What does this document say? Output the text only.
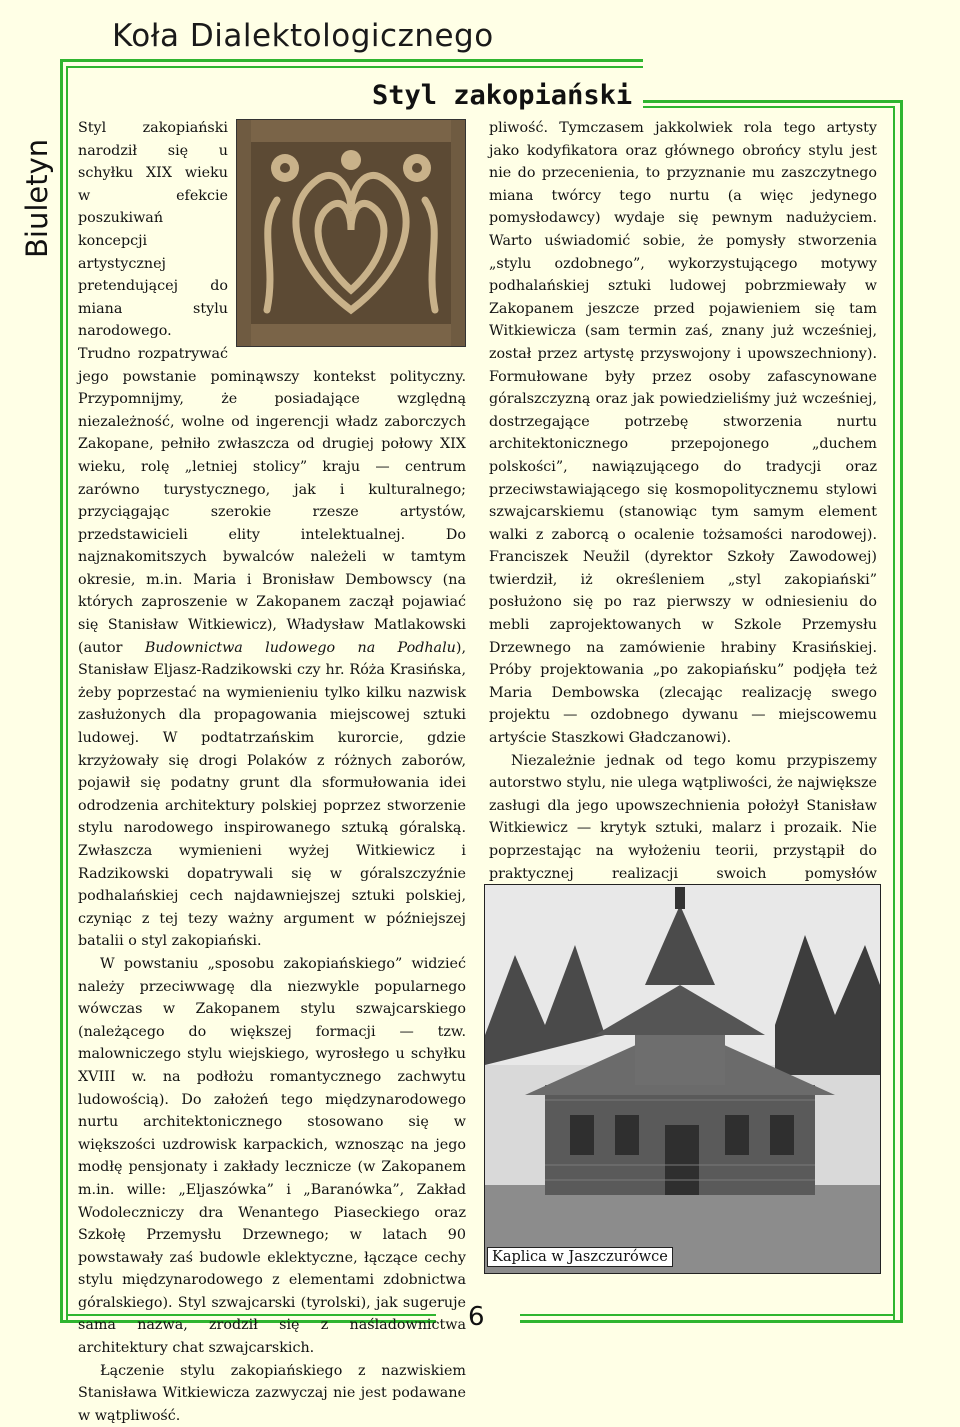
Koła Dialektologicznego
Biuletyn
Styl zakopiański

Styl zakopiański narodził się u schyłku XIX wieku w efekcie poszukiwań koncepcji artystycznej pretendującej do miana stylu narodowego. Trudno rozpatrywać jego powstanie pominąwszy kontekst polityczny. Przypomnijmy, że posiadające względną niezależność, wolne od ingerencji władz zaborczych Zakopane, pełniło zwłaszcza od drugiej połowy XIX wieku, rolę „letniej stolicy” kraju — centrum zarówno turystycznego, jak i kulturalnego; przyciągając szerokie rzesze artystów, przedstawicieli elity intelektualnej. Do najznakomitszych bywalców należeli w tamtym okresie, m.in. Maria i Bronisław Dembowscy (na których zaproszenie w Zakopanem zaczął pojawiać się Stanisław Witkiewicz), Władysław Matlakowski (autor Budownictwa ludowego na Podhalu), Stanisław Eljasz-Radzikowski czy hr. Róża Krasińska, żeby poprzestać na wymienieniu tylko kilku nazwisk zasłużonych dla propagowania miejscowej sztuki ludowej. W podtatrzańskim kurorcie, gdzie krzyżowały się drogi Polaków z różnych zaborów, pojawił się podatny grunt dla sformułowania idei odrodzenia architektury polskiej poprzez stworzenie stylu narodowego inspirowanego sztuką góralską. Zwłaszcza wymienieni wyżej Witkiewicz i Radzikowski dopatrywali się w góralszczyźnie podhalańskiej cech najdawniejszej sztuki polskiej, czyniąc z tej tezy ważny argument w późniejszej batalii o styl zakopiański.

W powstaniu „sposobu zakopiańskiego” widzieć należy przeciwwagę dla niezwykle popularnego wówczas w Zakopanem stylu szwajcarskiego (należącego do większej formacji — tzw. malowniczego stylu wiejskiego, wyrosłego u schyłku XVIII w. na podłożu romantycznego zachwytu ludowością). Do założeń tego międzynarodowego nurtu architektonicznego stosowano się w większości uzdrowisk karpackich, wznosząc na jego modłę pensjonaty i zakłady lecznicze (w Zakopanem m.in. wille: „Eljaszówka” i „Baranówka”, Zakład Wodoleczniczy dra Wenantego Piaseckiego oraz Szkołę Przemysłu Drzewnego; w latach 90 powstawały zaś budowle eklektyczne, łączące cechy stylu międzynarodowego z elementami zdobnictwa góralskiego). Styl szwajcarski (tyrolski), jak sugeruje sama nazwa, zrodził się z naśladownictwa architektury chat szwajcarskich.

Łączenie stylu zakopiańskiego z nazwiskiem Stanisława Witkiewicza zazwyczaj nie jest podawane w wątpliwość.

pliwość. Tymczasem jakkolwiek rola tego artysty jako kodyfikatora oraz głównego obrońcy stylu jest nie do przecenienia, to przyznanie mu zaszczytnego miana twórcy tego nurtu (a więc jedynego pomysłodawcy) wydaje się pewnym nadużyciem. Warto uświadomić sobie, że pomysły stworzenia „stylu ozdobnego”, wykorzystującego motywy podhalańskiej sztuki ludowej pobrzmiewały w Zakopanem jeszcze przed pojawieniem się tam Witkiewicza (sam termin zaś, znany już wcześniej, został przez artystę przyswojony i upowszechniony). Formułowane były przez osoby zafascynowane góralszczyzną oraz jak powiedzieliśmy już wcześniej, dostrzegające potrzebę stworzenia nurtu architektonicznego przepojonego „duchem polskości”, nawiązującego do tradycji oraz przeciwstawiającego się kosmopolitycznemu stylowi szwajcarskiemu (stanowiąc tym samym element walki z zaborcą o ocalenie tożsamości narodowej). Franciszek Neužil (dyrektor Szkoły Zawodowej) twierdził, iż określeniem „styl zakopiański” posłużono się po raz pierwszy w odniesieniu do mebli zaprojektowanych w Szkole Przemysłu Drzewnego na zamówienie hrabiny Krasińskiej. Próby projektowania „po zakopiańsku” podjęła też Maria Dembowska (zlecając realizację swego projektu — ozdobnego dywanu — miejscowemu artyście Staszkowi Gładczanowi).

Niezależnie jednak od tego komu przypiszemy autorstwo stylu, nie ulega wątpliwości, że największe zasługi dla jego upowszechnienia położył Stanisław Witkiewicz — krytyk sztuki, malarz i prozaik. Nie poprzestając na wyłożeniu teorii, przystąpił do praktycznej realizacji swoich pomysłów

Kaplica w Jaszczurówce
6
